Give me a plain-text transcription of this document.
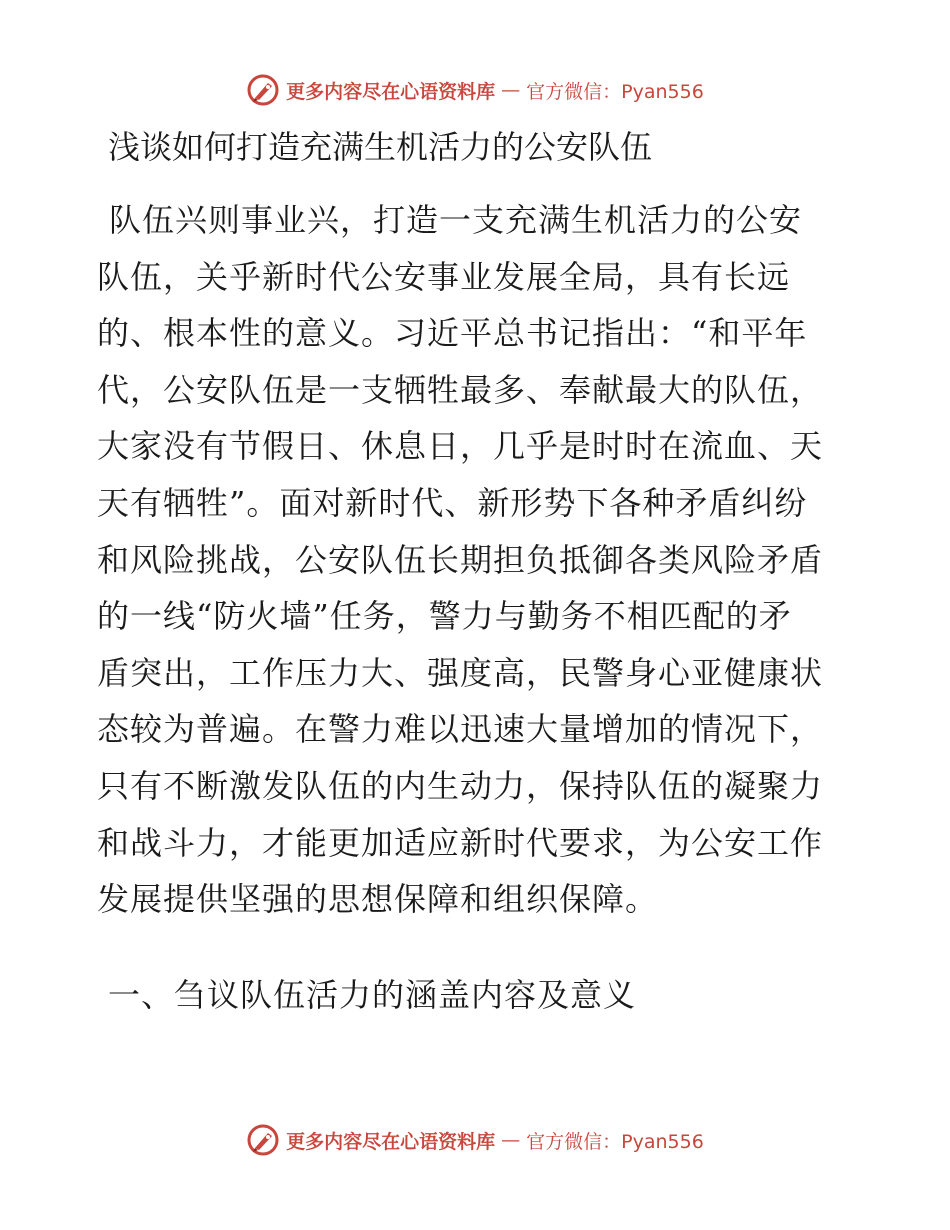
更多内容尽在心语资料库 — 官方微信：Pyan556
浅谈如何打造充满生机活力的公安队伍
队伍兴则事业兴，打造一支充满生机活力的公安
队伍，关乎新时代公安事业发展全局，具有长远
的、根本性的意义。习近平总书记指出：“和平年
代，公安队伍是一支牺牲最多、奉献最大的队伍，
大家没有节假日、休息日，几乎是时时在流血、天
天有牺牲”。面对新时代、新形势下各种矛盾纠纷
和风险挑战，公安队伍长期担负抵御各类风险矛盾
的一线“防火墙”任务，警力与勤务不相匹配的矛
盾突出，工作压力大、强度高，民警身心亚健康状
态较为普遍。在警力难以迅速大量增加的情况下，
只有不断激发队伍的内生动力，保持队伍的凝聚力
和战斗力，才能更加适应新时代要求，为公安工作
发展提供坚强的思想保障和组织保障。
一、刍议队伍活力的涵盖内容及意义
更多内容尽在心语资料库 — 官方微信：Pyan556
